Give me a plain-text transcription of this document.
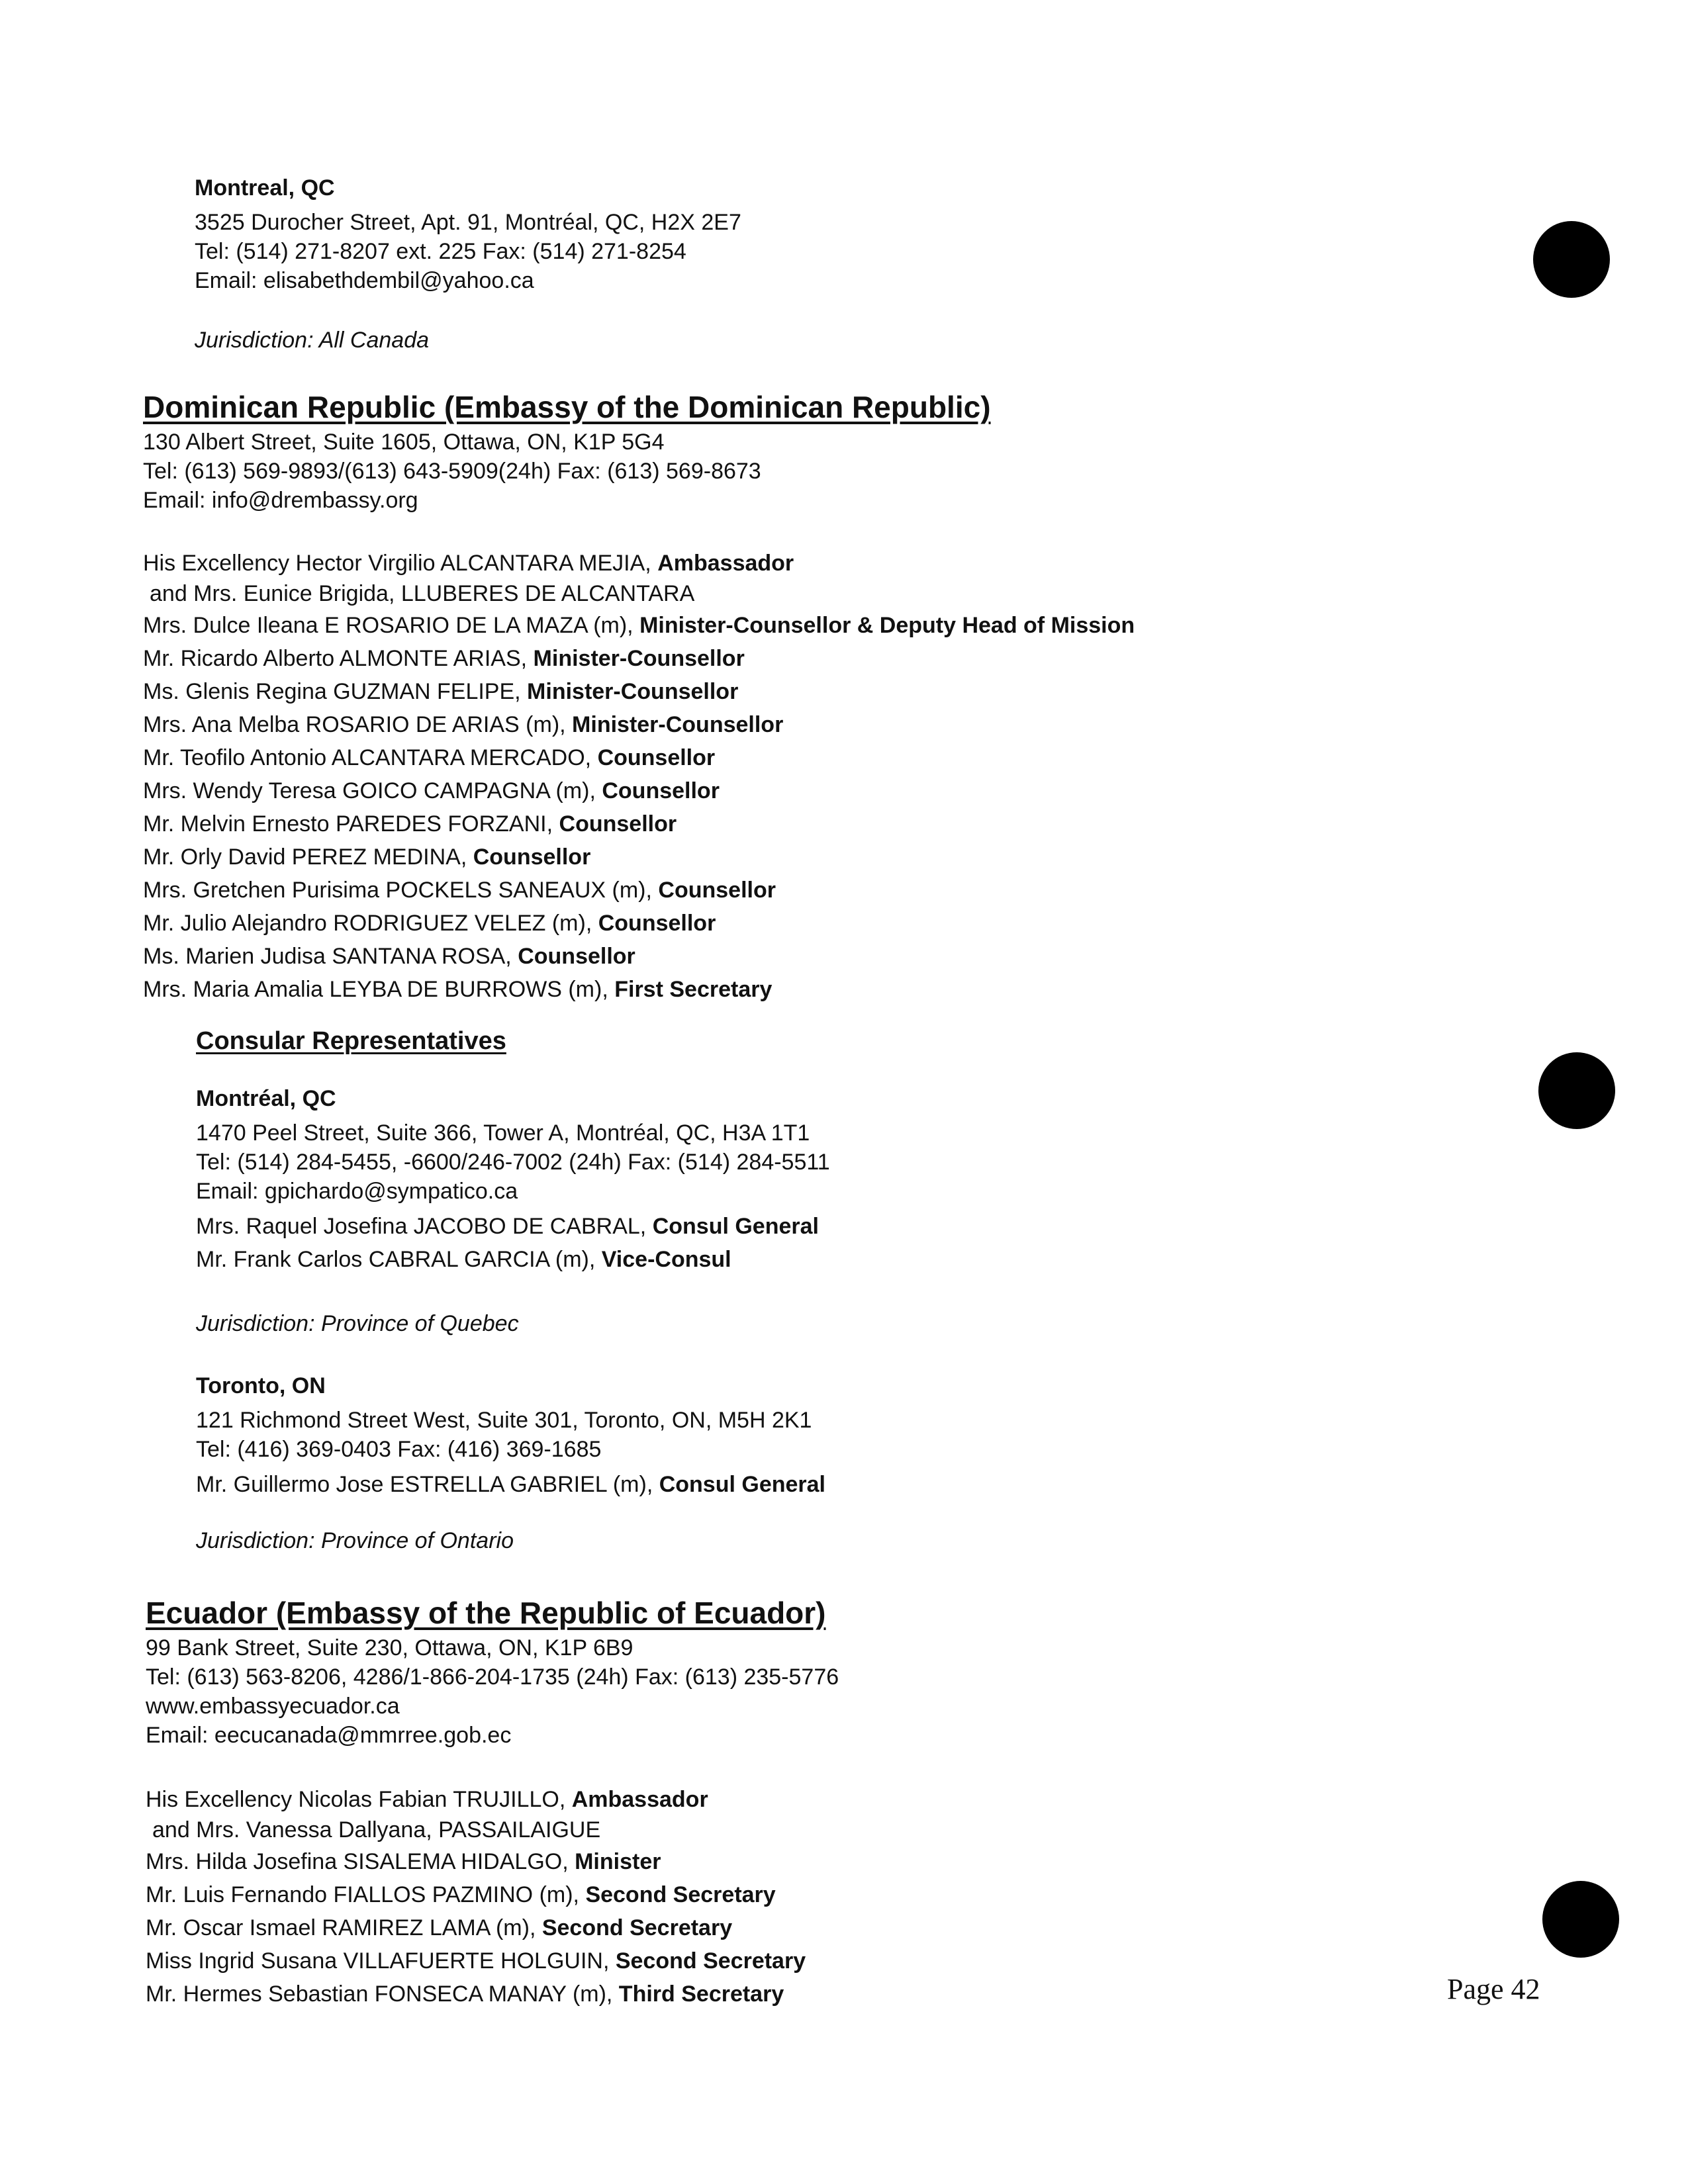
Montreal, QC
3525 Durocher Street, Apt. 91, Montréal, QC, H2X 2E7
Tel: (514) 271-8207 ext. 225 Fax: (514) 271-8254
Email: elisabethdembil@yahoo.ca
Jurisdiction: All Canada
Dominican Republic (Embassy of the Dominican Republic)
130 Albert Street, Suite 1605, Ottawa, ON, K1P 5G4
Tel: (613) 569-9893/(613) 643-5909(24h) Fax: (613) 569-8673
Email: info@drembassy.org
His Excellency Hector Virgilio ALCANTARA MEJIA, Ambassador
and Mrs. Eunice Brigida, LLUBERES DE ALCANTARA
Mrs. Dulce Ileana E ROSARIO DE LA MAZA (m), Minister-Counsellor & Deputy Head of Mission
Mr. Ricardo Alberto ALMONTE ARIAS, Minister-Counsellor
Ms. Glenis Regina GUZMAN FELIPE, Minister-Counsellor
Mrs. Ana Melba ROSARIO DE ARIAS (m), Minister-Counsellor
Mr. Teofilo Antonio ALCANTARA MERCADO, Counsellor
Mrs. Wendy Teresa GOICO CAMPAGNA (m), Counsellor
Mr. Melvin Ernesto PAREDES FORZANI, Counsellor
Mr. Orly David PEREZ MEDINA, Counsellor
Mrs. Gretchen Purisima POCKELS SANEAUX (m), Counsellor
Mr. Julio Alejandro RODRIGUEZ VELEZ (m), Counsellor
Ms. Marien Judisa SANTANA ROSA, Counsellor
Mrs. Maria Amalia LEYBA DE BURROWS (m), First Secretary
Consular Representatives
Montréal, QC
1470 Peel Street, Suite 366, Tower A, Montréal, QC, H3A 1T1
Tel: (514) 284-5455, -6600/246-7002 (24h) Fax: (514) 284-5511
Email: gpichardo@sympatico.ca
Mrs. Raquel Josefina JACOBO DE CABRAL, Consul General
Mr. Frank Carlos CABRAL GARCIA (m), Vice-Consul
Jurisdiction: Province of Quebec
Toronto, ON
121 Richmond Street West, Suite 301, Toronto, ON, M5H 2K1
Tel: (416) 369-0403 Fax: (416) 369-1685
Mr. Guillermo Jose ESTRELLA GABRIEL (m), Consul General
Jurisdiction: Province of Ontario
Ecuador (Embassy of the Republic of Ecuador)
99 Bank Street, Suite 230, Ottawa, ON, K1P 6B9
Tel: (613) 563-8206, 4286/1-866-204-1735 (24h) Fax: (613) 235-5776
www.embassyecuador.ca
Email: eecucanada@mmrree.gob.ec
His Excellency Nicolas Fabian TRUJILLO, Ambassador
and Mrs. Vanessa Dallyana, PASSAILAIGUE
Mrs. Hilda Josefina SISALEMA HIDALGO, Minister
Mr. Luis Fernando FIALLOS PAZMINO (m), Second Secretary
Mr. Oscar Ismael RAMIREZ LAMA (m), Second Secretary
Miss Ingrid Susana VILLAFUERTE HOLGUIN, Second Secretary
Mr. Hermes Sebastian FONSECA MANAY (m), Third Secretary	Page 42
